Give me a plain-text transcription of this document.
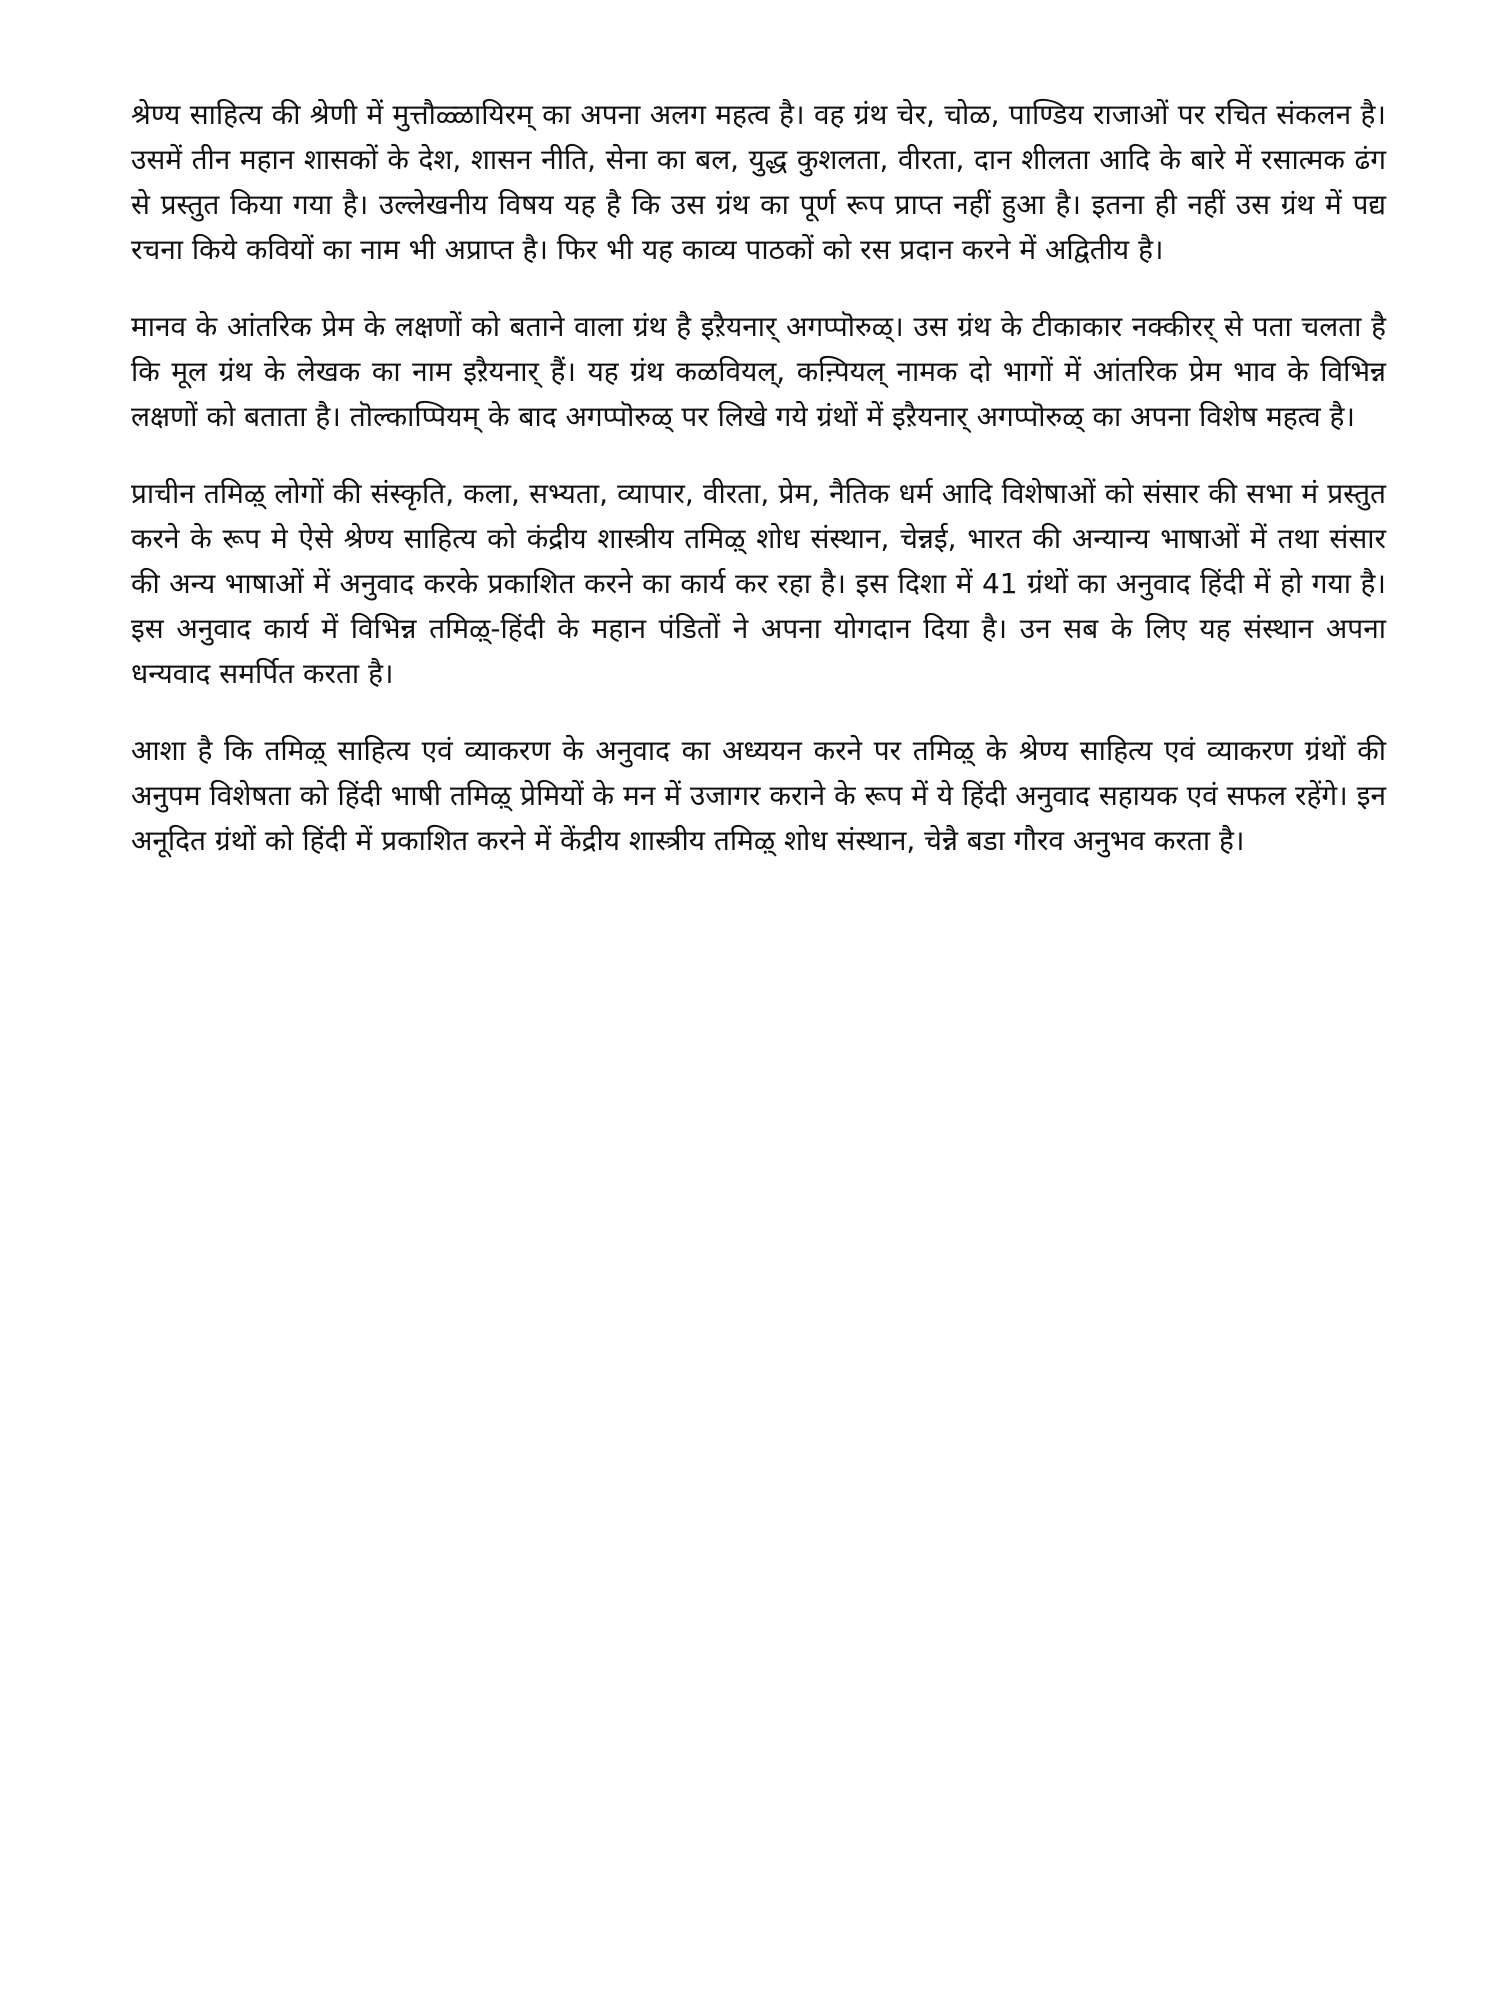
श्रेण्य साहित्य की श्रेणी में मुत्तौळ्ळायिरम् का अपना अलग महत्व है। वह ग्रंथ चेर, चोळ, पाण्डिय राजाओं पर रचित संकलन है। उसमें तीन महान शासकों के देश, शासन नीति, सेना का बल, युद्ध कुशलता, वीरता, दान शीलता आदि के बारे में रसात्मक ढंग से प्रस्तुत किया गया है। उल्लेखनीय विषय यह है कि उस ग्रंथ का पूर्ण रूप प्राप्त नहीं हुआ है। इतना ही नहीं उस ग्रंथ में पद्य रचना किये कवियों का नाम भी अप्राप्त है। फिर भी यह काव्य पाठकों को रस प्रदान करने में अद्वितीय है।

मानव के आंतरिक प्रेम के लक्षणों को बताने वाला ग्रंथ है इऱैयनार् अगप्पॊरुळ्। उस ग्रंथ के टीकाकार नक्कीरर् से पता चलता है कि मूल ग्रंथ के लेखक का नाम इऱैयनार् हैं। यह ग्रंथ कळवियल्, कऩ्पियल् नामक दो भागों में आंतरिक प्रेम भाव के विभिन्न लक्षणों को बताता है। तॊल्काप्पियम् के बाद अगप्पॊरुळ् पर लिखे गये ग्रंथों में इऱैयनार् अगप्पॊरुळ् का अपना विशेष महत्व है।

प्राचीन तमिऴ् लोगों की संस्कृति, कला, सभ्यता, व्यापार, वीरता, प्रेम, नैतिक धर्म आदि विशेषाओं को संसार की सभा मं प्रस्तुत करने के रूप मे ऐसे श्रेण्य साहित्य को कंद्रीय शास्त्रीय तमिऴ् शोध संस्थान, चेन्नई, भारत की अन्यान्य भाषाओं में तथा संसार की अन्य भाषाओं में अनुवाद करके प्रकाशित करने का कार्य कर रहा है। इस दिशा में 41 ग्रंथों का अनुवाद हिंदी में हो गया है। इस अनुवाद कार्य में विभिन्न तमिऴ्-हिंदी के महान पंडितों ने अपना योगदान दिया है। उन सब के लिए यह संस्थान अपना धन्यवाद समर्पित करता है।

आशा है कि तमिऴ् साहित्य एवं व्याकरण के अनुवाद का अध्ययन करने पर तमिऴ् के श्रेण्य साहित्य एवं व्याकरण ग्रंथों की अनुपम विशेषता को हिंदी भाषी तमिऴ् प्रेमियों के मन में उजागर कराने के रूप में ये हिंदी अनुवाद सहायक एवं सफल रहेंगे। इन अनूदित ग्रंथों को हिंदी में प्रकाशित करने में केंद्रीय शास्त्रीय तमिऴ् शोध संस्थान, चेन्नै बडा गौरव अनुभव करता है।
